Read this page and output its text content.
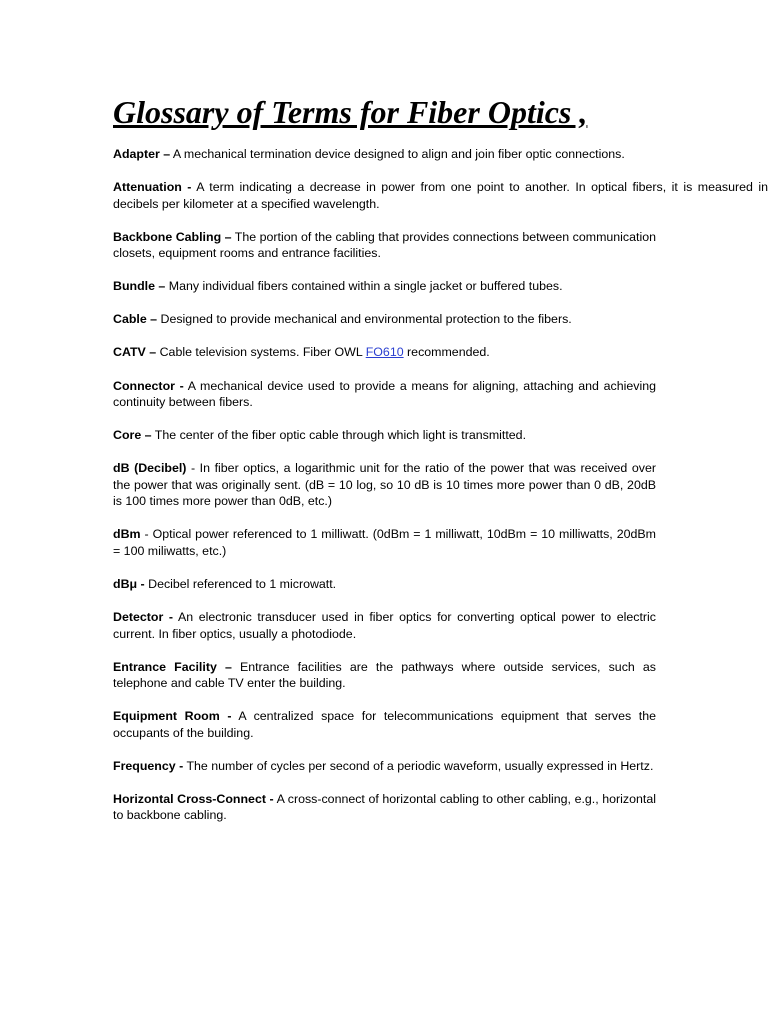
Glossary of Terms for Fiber Optics ,

Adapter – A mechanical termination device designed to align and join fiber optic connections.

Attenuation - A term indicating a decrease in power from one point to another. In optical fibers, it is measured in decibels per kilometer at a specified wavelength.

Backbone Cabling – The portion of the cabling that provides connections between communication closets, equipment rooms and entrance facilities.

Bundle – Many individual fibers contained within a single jacket or buffered tubes.

Cable – Designed to provide mechanical and environmental protection to the fibers.

CATV – Cable television systems. Fiber OWL FO610 recommended.

Connector - A mechanical device used to provide a means for aligning, attaching and achieving continuity between fibers.

Core – The center of the fiber optic cable through which light is transmitted.

dB (Decibel) - In fiber optics, a logarithmic unit for the ratio of the power that was received over the power that was originally sent. (dB = 10 log, so 10 dB is 10 times more power than 0 dB, 20dB is 100 times more power than 0dB, etc.)

dBm - Optical power referenced to 1 milliwatt. (0dBm = 1 milliwatt, 10dBm = 10 milliwatts, 20dBm = 100 miliwatts, etc.)

dBμ - Decibel referenced to 1 microwatt.

Detector - An electronic transducer used in fiber optics for converting optical power to electric current. In fiber optics, usually a photodiode.

Entrance Facility – Entrance facilities are the pathways where outside services, such as telephone and cable TV enter the building.

Equipment Room - A centralized space for telecommunications equipment that serves the occupants of the building.

Frequency - The number of cycles per second of a periodic waveform, usually expressed in Hertz.

Horizontal Cross-Connect - A cross-connect of horizontal cabling to other cabling, e.g., horizontal to backbone cabling.
